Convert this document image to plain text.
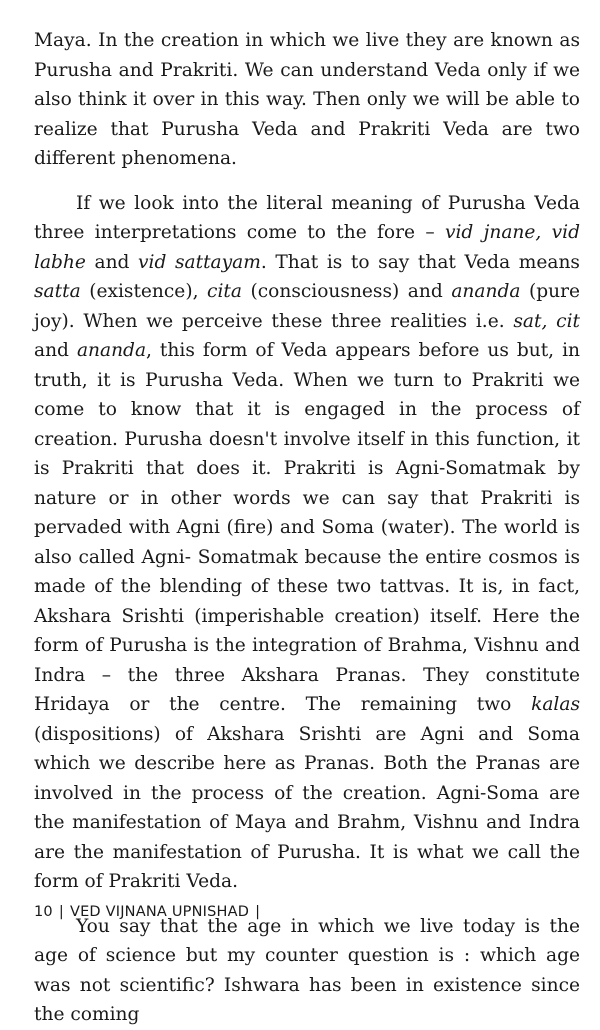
Maya. In the creation in which we live they are known as Purusha and Prakriti. We can understand Veda only if we also think it over in this way. Then only we will be able to realize that Purusha Veda and Prakriti Veda are two different phenomena.

If we look into the literal meaning of Purusha Veda three interpretations come to the fore – vid jnane, vid labhe and vid sattayam. That is to say that Veda means satta (existence), cita (consciousness) and ananda (pure joy). When we perceive these three realities i.e. sat, cit and ananda, this form of Veda appears before us but, in truth, it is Purusha Veda. When we turn to Prakriti we come to know that it is engaged in the process of creation. Purusha doesn't involve itself in this function, it is Prakriti that does it. Prakriti is Agni-Somatmak by nature or in other words we can say that Prakriti is pervaded with Agni (fire) and Soma (water). The world is also called Agni- Somatmak because the entire cosmos is made of the blending of these two tattvas. It is, in fact, Akshara Srishti (imperishable creation) itself. Here the form of Purusha is the integration of Brahma, Vishnu and Indra – the three Akshara Pranas. They constitute Hridaya or the centre. The remaining two kalas (dispositions) of Akshara Srishti are Agni and Soma which we describe here as Pranas. Both the Pranas are involved in the process of the creation. Agni-Soma are the manifestation of Maya and Brahm, Vishnu and Indra are the manifestation of Purusha. It is what we call the form of Prakriti Veda.

You say that the age in which we live today is the age of science but my counter question is : which age was not scientific? Ishwara has been in existence since the coming

10 | VED VIJNANA UPNISHAD |
